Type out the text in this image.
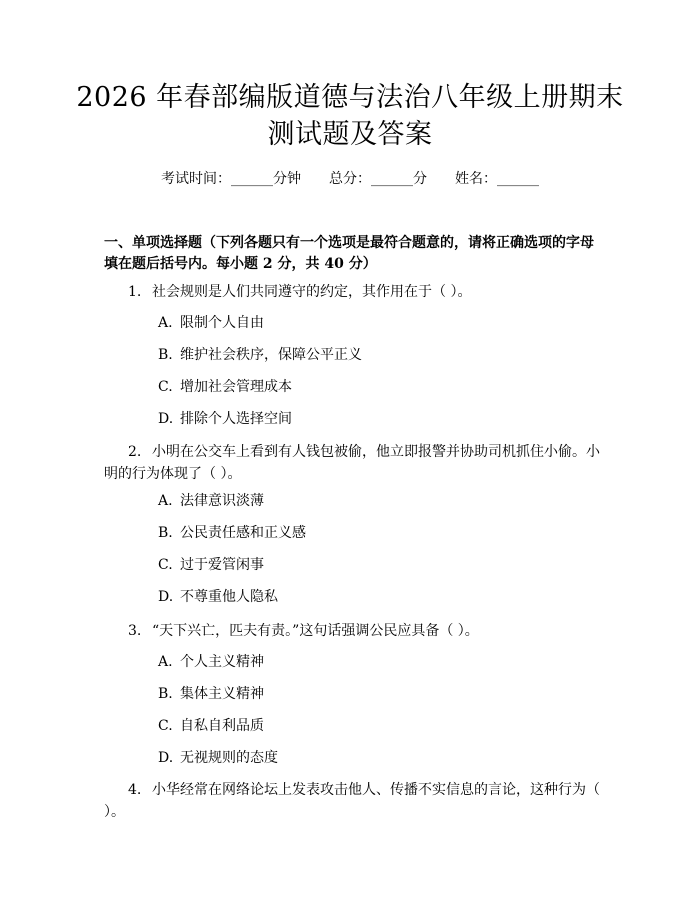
2026 年春部编版道德与法治八年级上册期末
测试题及答案
考试时间：______分钟 总分：______分 姓名：______
一、单项选择题（下列各题只有一个选项是最符合题意的，请将正确选项的字母填在题后括号内。每小题 2 分，共 40 分）
1. 社会规则是人们共同遵守的约定，其作用在于（ ）。
A. 限制个人自由
B. 维护社会秩序，保障公平正义
C. 增加社会管理成本
D. 排除个人选择空间
2. 小明在公交车上看到有人钱包被偷，他立即报警并协助司机抓住小偷。小明的行为体现了（ ）。
A. 法律意识淡薄
B. 公民责任感和正义感
C. 过于爱管闲事
D. 不尊重他人隐私
3. “天下兴亡，匹夫有责。”这句话强调公民应具备（ ）。
A. 个人主义精神
B. 集体主义精神
C. 自私自利品质
D. 无视规则的态度
4. 小华经常在网络论坛上发表攻击他人、传播不实信息的言论，这种行为（ ）。
